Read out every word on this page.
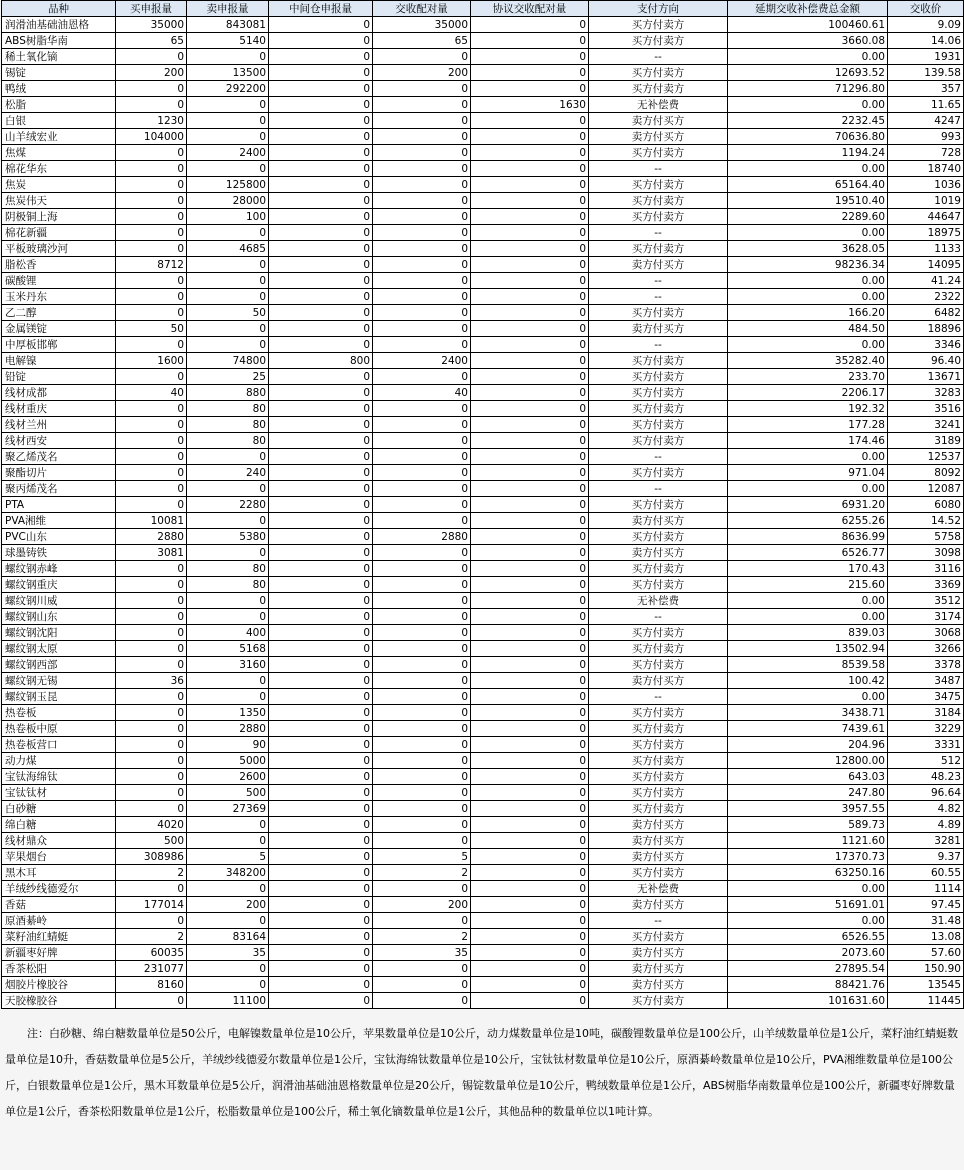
品种	买申报量	卖申报量	中间仓申报量	交收配对量	协议交收配对量	支付方向	延期交收补偿费总金额	交收价
润滑油基础油恩格	35000	843081	0	35000	0	买方付卖方	100460.61	9.09
ABS树脂华南	65	5140	0	65	0	买方付卖方	3660.08	14.06
稀土氧化镝	0	0	0	0	0	--	0.00	1931
锡锭	200	13500	0	200	0	买方付卖方	12693.52	139.58
鸭绒	0	292200	0	0	0	买方付卖方	71296.80	357
松脂	0	0	0	0	1630	无补偿费	0.00	11.65
白银	1230	0	0	0	0	卖方付买方	2232.45	4247
山羊绒宏业	104000	0	0	0	0	卖方付买方	70636.80	993
焦煤	0	2400	0	0	0	买方付卖方	1194.24	728
棉花华东	0	0	0	0	0	--	0.00	18740
焦炭	0	125800	0	0	0	买方付卖方	65164.40	1036
焦炭伟天	0	28000	0	0	0	买方付卖方	19510.40	1019
阴极铜上海	0	100	0	0	0	买方付卖方	2289.60	44647
棉花新疆	0	0	0	0	0	--	0.00	18975
平板玻璃沙河	0	4685	0	0	0	买方付卖方	3628.05	1133
脂松香	8712	0	0	0	0	卖方付买方	98236.34	14095
碳酸锂	0	0	0	0	0	--	0.00	41.24
玉米丹东	0	0	0	0	0	--	0.00	2322
乙二醇	0	50	0	0	0	买方付卖方	166.20	6482
金属镁锭	50	0	0	0	0	卖方付买方	484.50	18896
中厚板邯郸	0	0	0	0	0	--	0.00	3346
电解镍	1600	74800	800	2400	0	买方付卖方	35282.40	96.40
铅锭	0	25	0	0	0	买方付卖方	233.70	13671
线材成都	40	880	0	40	0	买方付卖方	2206.17	3283
线材重庆	0	80	0	0	0	买方付卖方	192.32	3516
线材兰州	0	80	0	0	0	买方付卖方	177.28	3241
线材西安	0	80	0	0	0	买方付卖方	174.46	3189
聚乙烯茂名	0	0	0	0	0	--	0.00	12537
聚酯切片	0	240	0	0	0	买方付卖方	971.04	8092
聚丙烯茂名	0	0	0	0	0	--	0.00	12087
PTA	0	2280	0	0	0	买方付卖方	6931.20	6080
PVA湘维	10081	0	0	0	0	卖方付买方	6255.26	14.52
PVC山东	2880	5380	0	2880	0	买方付卖方	8636.99	5758
球墨铸铁	3081	0	0	0	0	卖方付买方	6526.77	3098
螺纹钢赤峰	0	80	0	0	0	买方付卖方	170.43	3116
螺纹钢重庆	0	80	0	0	0	买方付卖方	215.60	3369
螺纹钢川威	0	0	0	0	0	无补偿费	0.00	3512
螺纹钢山东	0	0	0	0	0	--	0.00	3174
螺纹钢沈阳	0	400	0	0	0	买方付卖方	839.03	3068
螺纹钢太原	0	5168	0	0	0	买方付卖方	13502.94	3266
螺纹钢西部	0	3160	0	0	0	买方付卖方	8539.58	3378
螺纹钢无锡	36	0	0	0	0	卖方付买方	100.42	3487
螺纹钢玉昆	0	0	0	0	0	--	0.00	3475
热卷板	0	1350	0	0	0	买方付卖方	3438.71	3184
热卷板中原	0	2880	0	0	0	买方付卖方	7439.61	3229
热卷板营口	0	90	0	0	0	买方付卖方	204.96	3331
动力煤	0	5000	0	0	0	买方付卖方	12800.00	512
宝钛海绵钛	0	2600	0	0	0	买方付卖方	643.03	48.23
宝钛钛材	0	500	0	0	0	买方付卖方	247.80	96.64
白砂糖	0	27369	0	0	0	买方付卖方	3957.55	4.82
绵白糖	4020	0	0	0	0	卖方付买方	589.73	4.89
线材鼎众	500	0	0	0	0	卖方付买方	1121.60	3281
苹果烟台	308986	5	0	5	0	卖方付买方	17370.73	9.37
黑木耳	2	348200	0	2	0	买方付卖方	63250.16	60.55
羊绒纱线德爱尔	0	0	0	0	0	无补偿费	0.00	1114
香菇	177014	200	0	200	0	卖方付买方	51691.01	97.45
原酒綦岭	0	0	0	0	0	--	0.00	31.48
菜籽油红蜻蜓	2	83164	0	2	0	买方付卖方	6526.55	13.08
新疆枣好牌	60035	35	0	35	0	卖方付买方	2073.60	57.60
香茶松阳	231077	0	0	0	0	卖方付买方	27895.54	150.90
烟胶片橡胶谷	8160	0	0	0	0	卖方付买方	88421.76	13545
天胶橡胶谷	0	11100	0	0	0	买方付卖方	101631.60	11445
注：白砂糖、绵白糖数量单位是50公斤，电解镍数量单位是10公斤，苹果数量单位是10公斤，动力煤数量单位是10吨，碳酸锂数量单位是100公斤，山羊绒数量单位是1公斤，菜籽油红蜻蜓数量单位是10升，香菇数量单位是5公斤，羊绒纱线德爱尔数量单位是1公斤，宝钛海绵钛数量单位是10公斤，宝钛钛材数量单位是10公斤，原酒綦岭数量单位是10公斤，PVA湘维数量单位是100公斤，白银数量单位是1公斤，黑木耳数量单位是5公斤，润滑油基础油恩格数量单位是20公斤，锡锭数量单位是10公斤，鸭绒数量单位是1公斤，ABS树脂华南数量单位是100公斤，新疆枣好牌数量单位是1公斤，香茶松阳数量单位是1公斤，松脂数量单位是100公斤，稀土氧化镝数量单位是1公斤，其他品种的数量单位以1吨计算。
